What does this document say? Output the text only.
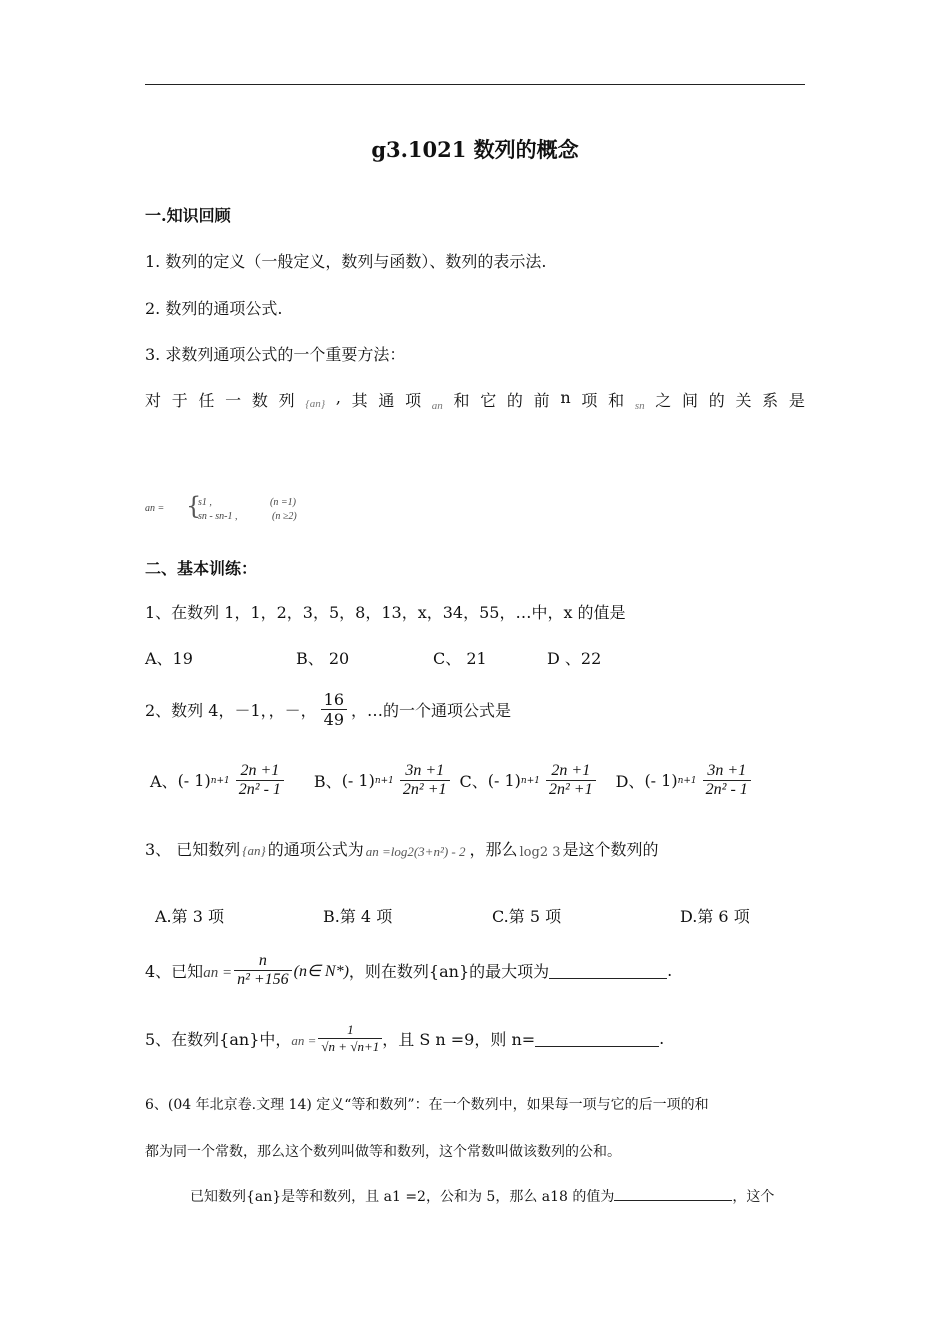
g3.1021 数列的概念
一.知识回顾
1. 数列的定义（一般定义，数列与函数）、数列的表示法.
2. 数列的通项公式.
3. 求数列通项公式的一个重要方法：
对 于 任 一 数 列 {an} , 其 通 项 an 和 它 的 前 n 项 和 sn 之 间 的 关 系 是
an = {
s1 ,	(n =1)
sn - sn-1 ,	(n ≥2)
二、基本训练：
1、在数列 1，1，2，3，5，8，13，x，34，55，…中，x 的值是
A、19	B、 20	C、 21	D 、22
2、数列 4，－1，，－， $\frac{16}{49}$ ，…的一个通项公式是
A、 (- 1) $n+1 \frac{2n +1}{\text{2n² - 1}}$ B、 (- 1) $n+1 \frac{3n +1}{\text{2n² +1}}$ C、 (- 1) $n+1 \frac{2n +1}{\text{2n² +1}}$ D、 (- 1) $n+1 \frac{3n +1}{\text{2n² - 1}}$
3、 已知数列 {an} 的通项公式为 an =log2(3+n²) - 2 ，那么 log2 3 是这个数列的
A.第 3 项	B.第 4 项	C.第 5 项	D.第 6 项
4、已知 an = $\frac{n}{\text{n² +156}}$ (n∈ N*) ，则在数列{an}的最大项为	.
5、在数列{an}中， an = $\frac{1}{√n + √n+1}$ ，且 S n =9，则 n=	.
6、(04 年北京卷.文理 14) 定义“等和数列”：在一个数列中，如果每一项与它的后一项的和
都为同一个常数，那么这个数列叫做等和数列，这个常数叫做该数列的公和。
已知数列{an}是等和数列，且 a1 =2，公和为 5，那么 a18 的值为	，这个
